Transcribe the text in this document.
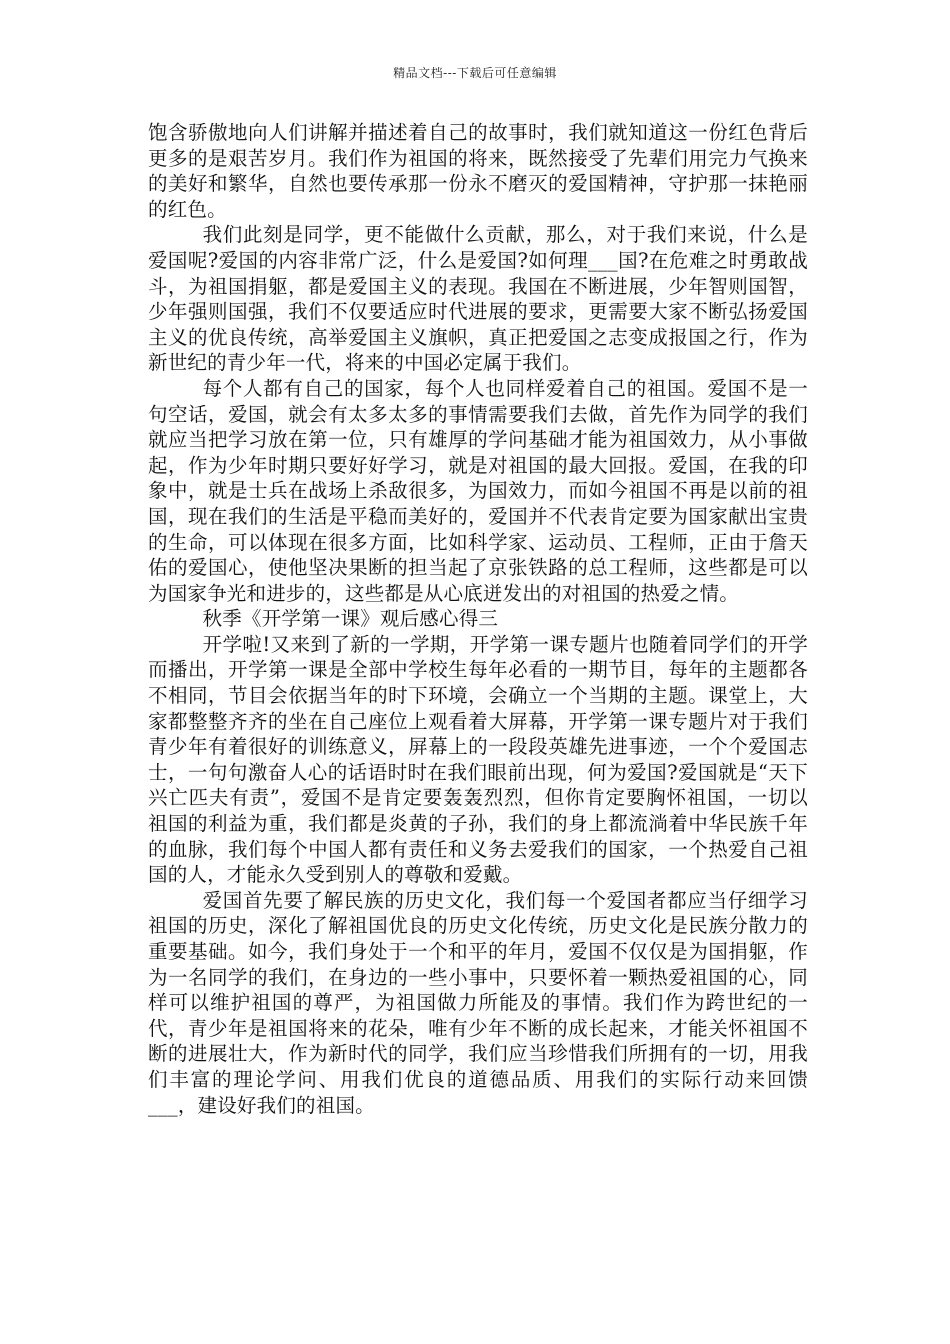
精品文档---下载后可任意编辑

饱含骄傲地向人们讲解并描述着自己的故事时，我们就知道这一份红色背后更多的是艰苦岁月。我们作为祖国的将来，既然接受了先辈们用完力气换来的美好和繁华，自然也要传承那一份永不磨灭的爱国精神，守护那一抹艳丽的红色。

我们此刻是同学，更不能做什么贡献，那么，对于我们来说，什么是爱国呢?爱国的内容非常广泛，什么是爱国?如何理___国?在危难之时勇敢战斗，为祖国捐躯，都是爱国主义的表现。我国在不断进展，少年智则国智，少年强则国强，我们不仅要适应时代进展的要求，更需要大家不断弘扬爱国主义的优良传统，高举爱国主义旗帜，真正把爱国之志变成报国之行，作为新世纪的青少年一代，将来的中国必定属于我们。

每个人都有自己的国家，每个人也同样爱着自己的祖国。爱国不是一句空话，爱国，就会有太多太多的事情需要我们去做，首先作为同学的我们就应当把学习放在第一位，只有雄厚的学问基础才能为祖国效力，从小事做起，作为少年时期只要好好学习，就是对祖国的最大回报。爱国，在我的印象中，就是士兵在战场上杀敌很多，为国效力，而如今祖国不再是以前的祖国，现在我们的生活是平稳而美好的，爱国并不代表肯定要为国家献出宝贵的生命，可以体现在很多方面，比如科学家、运动员、工程师，正由于詹天佑的爱国心，使他坚决果断的担当起了京张铁路的总工程师，这些都是可以为国家争光和进步的，这些都是从心底迸发出的对祖国的热爱之情。

秋季《开学第一课》观后感心得三

开学啦!又来到了新的一学期，开学第一课专题片也随着同学们的开学而播出，开学第一课是全部中学校生每年必看的一期节目，每年的主题都各不相同，节目会依据当年的时下环境，会确立一个当期的主题。课堂上，大家都整整齐齐的坐在自己座位上观看着大屏幕，开学第一课专题片对于我们青少年有着很好的训练意义，屏幕上的一段段英雄先进事迹，一个个爱国志士，一句句激奋人心的话语时时在我们眼前出现，何为爱国?爱国就是“天下兴亡匹夫有责”，爱国不是肯定要轰轰烈烈，但你肯定要胸怀祖国，一切以祖国的利益为重，我们都是炎黄的子孙，我们的身上都流淌着中华民族千年的血脉，我们每个中国人都有责任和义务去爱我们的国家，一个热爱自己祖国的人，才能永久受到别人的尊敬和爱戴。

爱国首先要了解民族的历史文化，我们每一个爱国者都应当仔细学习祖国的历史，深化了解祖国优良的历史文化传统，历史文化是民族分散力的重要基础。如今，我们身处于一个和平的年月，爱国不仅仅是为国捐躯，作为一名同学的我们，在身边的一些小事中，只要怀着一颗热爱祖国的心，同样可以维护祖国的尊严，为祖国做力所能及的事情。我们作为跨世纪的一代，青少年是祖国将来的花朵，唯有少年不断的成长起来，才能关怀祖国不断的进展壮大，作为新时代的同学，我们应当珍惜我们所拥有的一切，用我们丰富的理论学问、用我们优良的道德品质、用我们的实际行动来回馈___，建设好我们的祖国。
